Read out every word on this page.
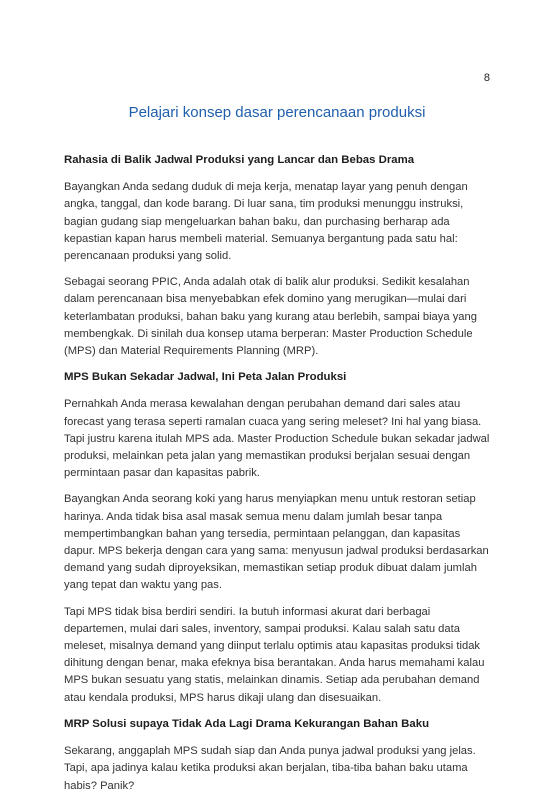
8
Pelajari konsep dasar perencanaan produksi

Rahasia di Balik Jadwal Produksi yang Lancar dan Bebas Drama

Bayangkan Anda sedang duduk di meja kerja, menatap layar yang penuh dengan angka, tanggal, dan kode barang. Di luar sana, tim produksi menunggu instruksi, bagian gudang siap mengeluarkan bahan baku, dan purchasing berharap ada kepastian kapan harus membeli material. Semuanya bergantung pada satu hal: perencanaan produksi yang solid.

Sebagai seorang PPIC, Anda adalah otak di balik alur produksi. Sedikit kesalahan dalam perencanaan bisa menyebabkan efek domino yang merugikan—mulai dari keterlambatan produksi, bahan baku yang kurang atau berlebih, sampai biaya yang membengkak. Di sinilah dua konsep utama berperan: Master Production Schedule (MPS) dan Material Requirements Planning (MRP).

MPS Bukan Sekadar Jadwal, Ini Peta Jalan Produksi

Pernahkah Anda merasa kewalahan dengan perubahan demand dari sales atau forecast yang terasa seperti ramalan cuaca yang sering meleset? Ini hal yang biasa. Tapi justru karena itulah MPS ada. Master Production Schedule bukan sekadar jadwal produksi, melainkan peta jalan yang memastikan produksi berjalan sesuai dengan permintaan pasar dan kapasitas pabrik.

Bayangkan Anda seorang koki yang harus menyiapkan menu untuk restoran setiap harinya. Anda tidak bisa asal masak semua menu dalam jumlah besar tanpa mempertimbangkan bahan yang tersedia, permintaan pelanggan, dan kapasitas dapur. MPS bekerja dengan cara yang sama: menyusun jadwal produksi berdasarkan demand yang sudah diproyeksikan, memastikan setiap produk dibuat dalam jumlah yang tepat dan waktu yang pas.

Tapi MPS tidak bisa berdiri sendiri. Ia butuh informasi akurat dari berbagai departemen, mulai dari sales, inventory, sampai produksi. Kalau salah satu data meleset, misalnya demand yang diinput terlalu optimis atau kapasitas produksi tidak dihitung dengan benar, maka efeknya bisa berantakan. Anda harus memahami kalau MPS bukan sesuatu yang statis, melainkan dinamis. Setiap ada perubahan demand atau kendala produksi, MPS harus dikaji ulang dan disesuaikan.

MRP Solusi supaya Tidak Ada Lagi Drama Kekurangan Bahan Baku

Sekarang, anggaplah MPS sudah siap dan Anda punya jadwal produksi yang jelas. Tapi, apa jadinya kalau ketika produksi akan berjalan, tiba-tiba bahan baku utama habis? Panik?
